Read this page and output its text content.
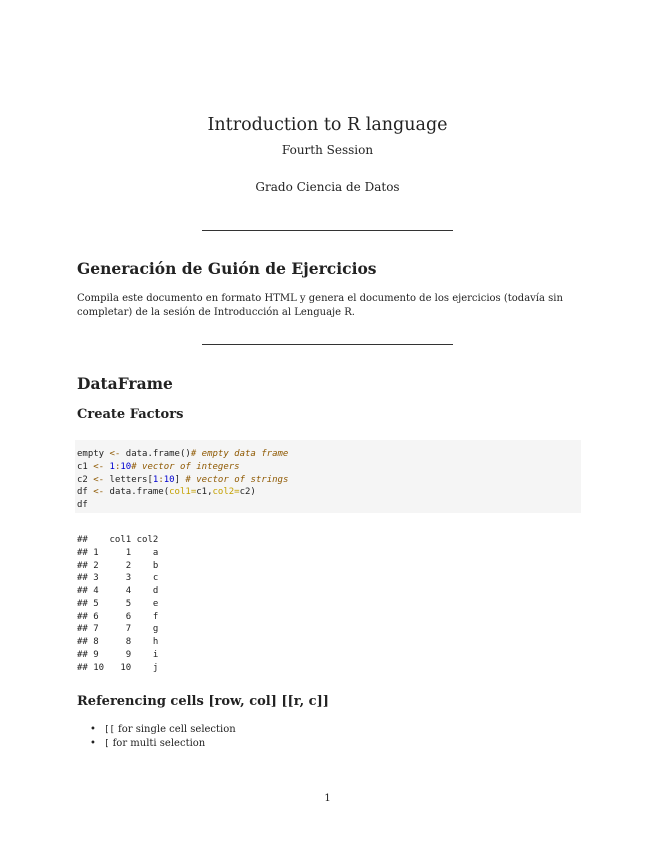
Introduction to R language
Fourth Session
Grado Ciencia de Datos
Generación de Guión de Ejercicios
Compila este documento en formato HTML y genera el documento de los ejercicios (todavía sin completar) de la sesión de Introducción al Lenguaje R.
DataFrame
Create Factors
empty <- data.frame()# empty data frame
c1 <- 1:10# vector of integers
c2 <- letters[1:10] # vector of strings
df <- data.frame(col1=c1,col2=c2)
df
##    col1 col2
## 1     1    a
## 2     2    b
## 3     3    c
## 4     4    d
## 5     5    e
## 6     6    f
## 7     7    g
## 8     8    h
## 9     9    i
## 10   10    j
Referencing cells [row, col] [[r, c]]
• [[ for single cell selection
• [ for multi selection
1
